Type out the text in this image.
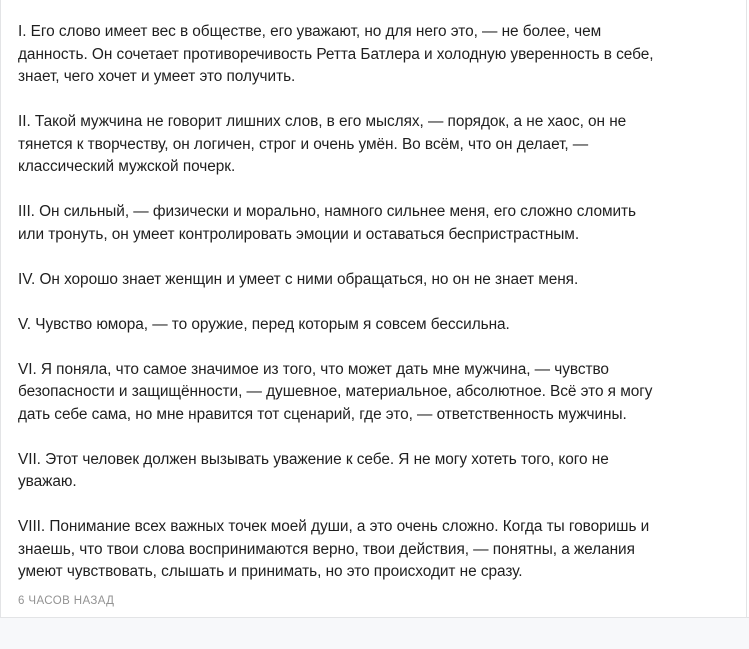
I. Его слово имеет вес в обществе, его уважают, но для него это, — не более, чем
данность. Он сочетает противоречивость Ретта Батлера и холодную уверенность в себе,
знает, чего хочет и умеет это получить.

II. Такой мужчина не говорит лишних слов, в его мыслях, — порядок, а не хаос, он не
тянется к творчеству, он логичен, строг и очень умён. Во всём, что он делает, —
классический мужской почерк.

III. Он сильный, — физически и морально, намного сильнее меня, его сложно сломить
или тронуть, он умеет контролировать эмоции и оставаться беспристрастным.

IV. Он хорошо знает женщин и умеет с ними обращаться, но он не знает меня.

V. Чувство юмора, — то оружие, перед которым я совсем бессильна.

VI. Я поняла, что самое значимое из того, что может дать мне мужчина, — чувство
безопасности и защищённости, — душевное, материальное, абсолютное. Всё это я могу
дать себе сама, но мне нравится тот сценарий, где это, — ответственность мужчины.

VII. Этот человек должен вызывать уважение к себе. Я не могу хотеть того, кого не
уважаю.

VIII. Понимание всех важных точек моей души, а это очень сложно. Когда ты говоришь и
знаешь, что твои слова воспринимаются верно, твои действия, — понятны, а желания
умеют чувствовать, слышать и принимать, но это происходит не сразу.

6 ЧАСОВ НАЗАД
